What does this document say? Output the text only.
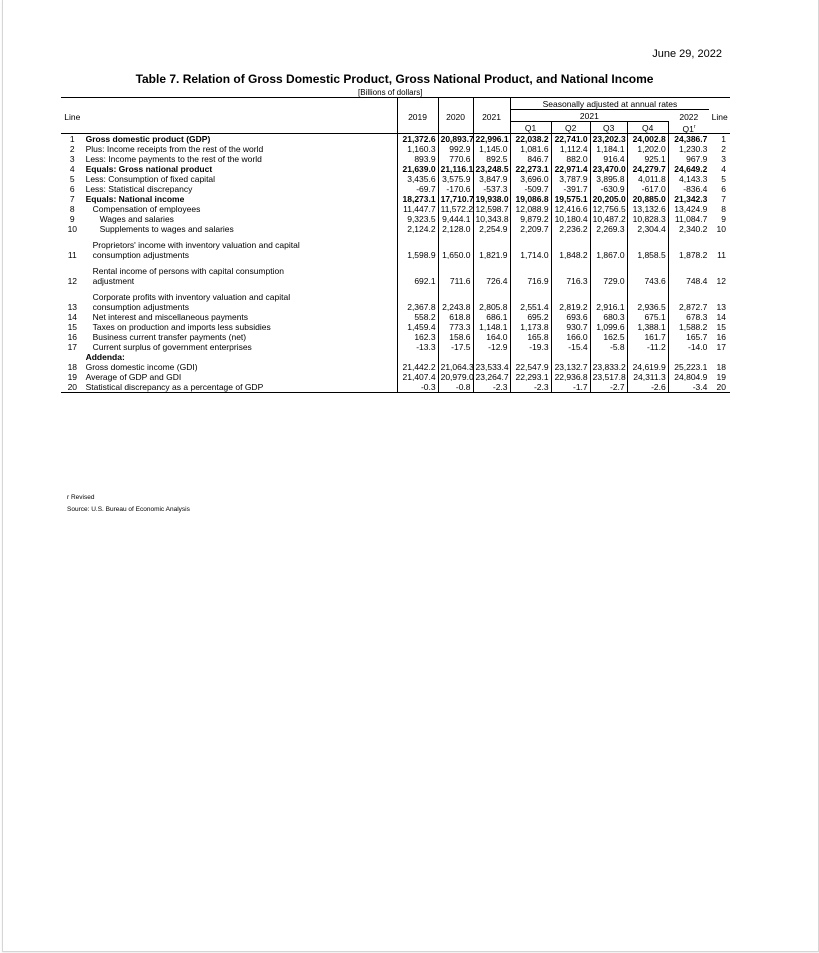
June 29, 2022
Table 7. Relation of Gross Domestic Product, Gross National Product, and National Income
[Billions of dollars]
					Seasonally adjusted at annual rates					
Line		2019	2020	2021	2021				2022	Line
					Q1	Q2	Q3	Q4	Q1$^r$	
1	Gross domestic product (GDP)	21,372.6	20,893.7	22,996.1	22,038.2	22,741.0	23,202.3	24,002.8	24,386.7	1
2	Plus: Income receipts from the rest of the world	1,160.3	992.9	1,145.0	1,081.6	1,112.4	1,184.1	1,202.0	1,230.3	2
3	Less: Income payments to the rest of the world	893.9	770.6	892.5	846.7	882.0	916.4	925.1	967.9	3
4	Equals: Gross national product	21,639.0	21,116.1	23,248.5	22,273.1	22,971.4	23,470.0	24,279.7	24,649.2	4
5	Less: Consumption of fixed capital	3,435.6	3,575.9	3,847.9	3,696.0	3,787.9	3,895.8	4,011.8	4,143.3	5
6	Less: Statistical discrepancy	-69.7	-170.6	-537.3	-509.7	-391.7	-630.9	-617.0	-836.4	6
7	Equals: National income	18,273.1	17,710.7	19,938.0	19,086.8	19,575.1	20,205.0	20,885.0	21,342.3	7
8	Compensation of employees	11,447.7	11,572.2	12,598.7	12,088.9	12,416.6	12,756.5	13,132.6	13,424.9	8
9	Wages and salaries	9,323.5	9,444.1	10,343.8	9,879.2	10,180.4	10,487.2	10,828.3	11,084.7	9
10	Supplements to wages and salaries	2,124.2	2,128.0	2,254.9	2,209.7	2,236.2	2,269.3	2,304.4	2,340.2	10
11	Proprietors' income with inventory valuation and capital consumption adjustments	1,598.9	1,650.0	1,821.9	1,714.0	1,848.2	1,867.0	1,858.5	1,878.2	11
12	Rental income of persons with capital consumption adjustment	692.1	711.6	726.4	716.9	716.3	729.0	743.6	748.4	12
13	Corporate profits with inventory valuation and capital consumption adjustments	2,367.8	2,243.8	2,805.8	2,551.4	2,819.2	2,916.1	2,936.5	2,872.7	13
14	Net interest and miscellaneous payments	558.2	618.8	686.1	695.2	693.6	680.3	675.1	678.3	14
15	Taxes on production and imports less subsidies	1,459.4	773.3	1,148.1	1,173.8	930.7	1,099.6	1,388.1	1,588.2	15
16	Business current transfer payments (net)	162.3	158.6	164.0	165.8	166.0	162.5	161.7	165.7	16
17	Current surplus of government enterprises	-13.3	-17.5	-12.9	-19.3	-15.4	-5.8	-11.2	-14.0	17
	Addenda:									
18	Gross domestic income (GDI)	21,442.2	21,064.3	23,533.4	22,547.9	23,132.7	23,833.2	24,619.9	25,223.1	18
19	Average of GDP and GDI	21,407.4	20,979.0	23,264.7	22,293.1	22,936.8	23,517.8	24,311.3	24,804.9	19
20	Statistical discrepancy as a percentage of GDP	-0.3	-0.8	-2.3	-2.3	-1.7	-2.7	-2.6	-3.4	20
r Revised
Source: U.S. Bureau of Economic Analysis
